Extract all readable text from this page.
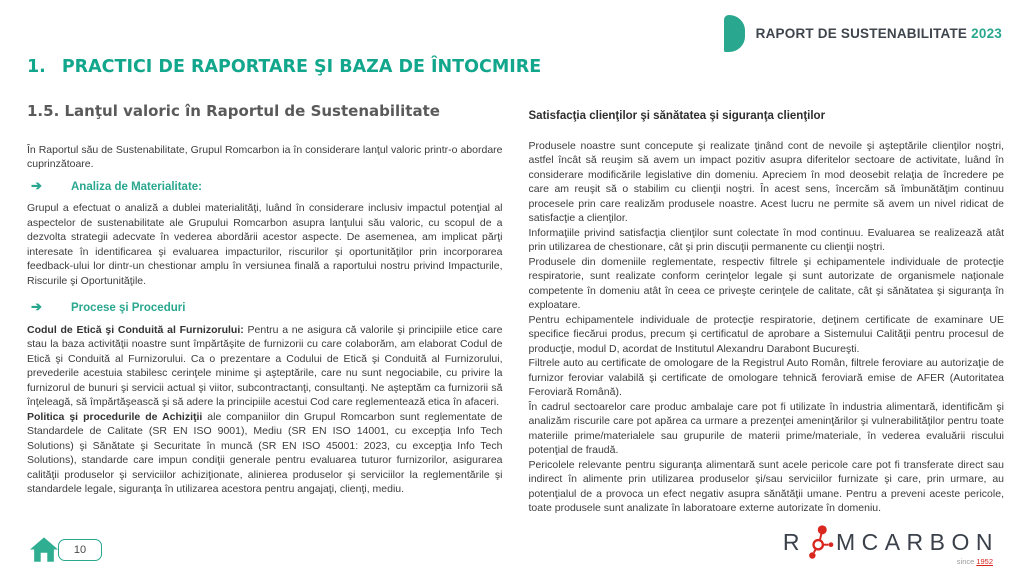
RAPORT DE SUSTENABILITATE 2023
1. PRACTICI DE RAPORTARE ŞI BAZA DE ÎNTOCMIRE
1.5. Lanţul valoric în Raportul de Sustenabilitate

În Raportul său de Sustenabilitate, Grupul Romcarbon ia în considerare lanţul valoric printr-o abordare cuprinzătoare.

➔	Analiza de Materialitate:

Grupul a efectuat o analiză a dublei materialităţi, luând în considerare inclusiv impactul potenţial al aspectelor de sustenabilitate ale Grupului Romcarbon asupra lanţului său valoric, cu scopul de a dezvolta strategii adecvate în vederea abordării acestor aspecte. De asemenea, am implicat părţi interesate în identificarea şi evaluarea impacturilor, riscurilor şi oportunităţilor prin incorporarea feedback-ului lor dintr-un chestionar amplu în versiunea finală a raportului nostru privind Impacturile, Riscurile şi Oportunităţile.

➔	Procese şi Proceduri

Codul de Etică şi Conduită al Furnizorului: Pentru a ne asigura că valorile şi principiile etice care stau la baza activităţii noastre sunt împărtăşite de furnizorii cu care colaborăm, am elaborat Codul de Etică şi Conduită al Furnizorului. Ca o prezentare a Codului de Etică şi Conduită al Furnizorului, prevederile acestuia stabilesc cerinţele minime şi aşteptările, care nu sunt negociabile, cu privire la furnizorul de bunuri şi servicii actual şi viitor, subcontractanţi, consultanţi. Ne aşteptăm ca furnizorii să înţeleagă, să împărtăşească şi să adere la principiile acestui Cod care reglementează etica în afaceri.

Politica şi procedurile de Achiziţii ale companiilor din Grupul Romcarbon sunt reglementate de Standardele de Calitate (SR EN ISO 9001), Mediu (SR EN ISO 14001, cu excepţia Info Tech Solutions) şi Sănătate şi Securitate în muncă (SR EN ISO 45001: 2023, cu excepţia Info Tech Solutions), standarde care impun condiţii generale pentru evaluarea tuturor furnizorilor, asigurarea calităţii produselor şi serviciilor achiziţionate, alinierea produselor şi serviciilor la reglementările şi standardele legale, siguranţa în utilizarea acestora pentru angajaţi, clienţi, mediu.

Satisfacţia clienţilor şi sănătatea şi siguranţa clienţilor

Produsele noastre sunt concepute şi realizate ţinând cont de nevoile şi aşteptările clienţilor noştri, astfel încât să reuşim să avem un impact pozitiv asupra diferitelor sectoare de activitate, luând în considerare modificările legislative din domeniu. Apreciem în mod deosebit relaţia de încredere pe care am reuşit să o stabilim cu clienţii noştri. În acest sens, încercăm să îmbunătăţim continuu procesele prin care realizăm produsele noastre. Acest lucru ne permite să avem un nivel ridicat de satisfacţie a clienţilor.

Informaţiile privind satisfacţia clienţilor sunt colectate în mod continuu. Evaluarea se realizează atât prin utilizarea de chestionare, cât şi prin discuţii permanente cu clienţii noştri.

Produsele din domeniile reglementate, respectiv filtrele şi echipamentele individuale de protecţie respiratorie, sunt realizate conform cerinţelor legale şi sunt autorizate de organismele naţionale competente în domeniu atât în ceea ce priveşte cerinţele de calitate, cât şi sănătatea şi siguranţa în exploatare.

Pentru echipamentele individuale de protecţie respiratorie, deţinem certificate de examinare UE specifice fiecărui produs, precum şi certificatul de aprobare a Sistemului Calităţii pentru procesul de producţie, modul D, acordat de Institutul Alexandru Darabont Bucureşti.

Filtrele auto au certificate de omologare de la Registrul Auto Român, filtrele feroviare au autorizaţie de furnizor feroviar valabilă şi certificate de omologare tehnică feroviară emise de AFER (Autoritatea Feroviară Română).

În cadrul sectoarelor care produc ambalaje care pot fi utilizate în industria alimentară, identificăm şi analizăm riscurile care pot apărea ca urmare a prezenţei ameninţărilor şi vulnerabilităţilor pentru toate materiile prime/materialele sau grupurile de materii prime/materiale, în vederea evaluării riscului potenţial de fraudă.

Pericolele relevante pentru siguranţa alimentară sunt acele pericole care pot fi transferate direct sau indirect în alimente prin utilizarea produselor şi/sau serviciilor furnizate şi care, prin urmare, au potenţialul de a provoca un efect negativ asupra sănătăţii umane. Pentru a preveni aceste pericole, toate produsele sunt analizate în laboratoare externe autorizate în domeniu.

10	R MCARBON
since 1952
